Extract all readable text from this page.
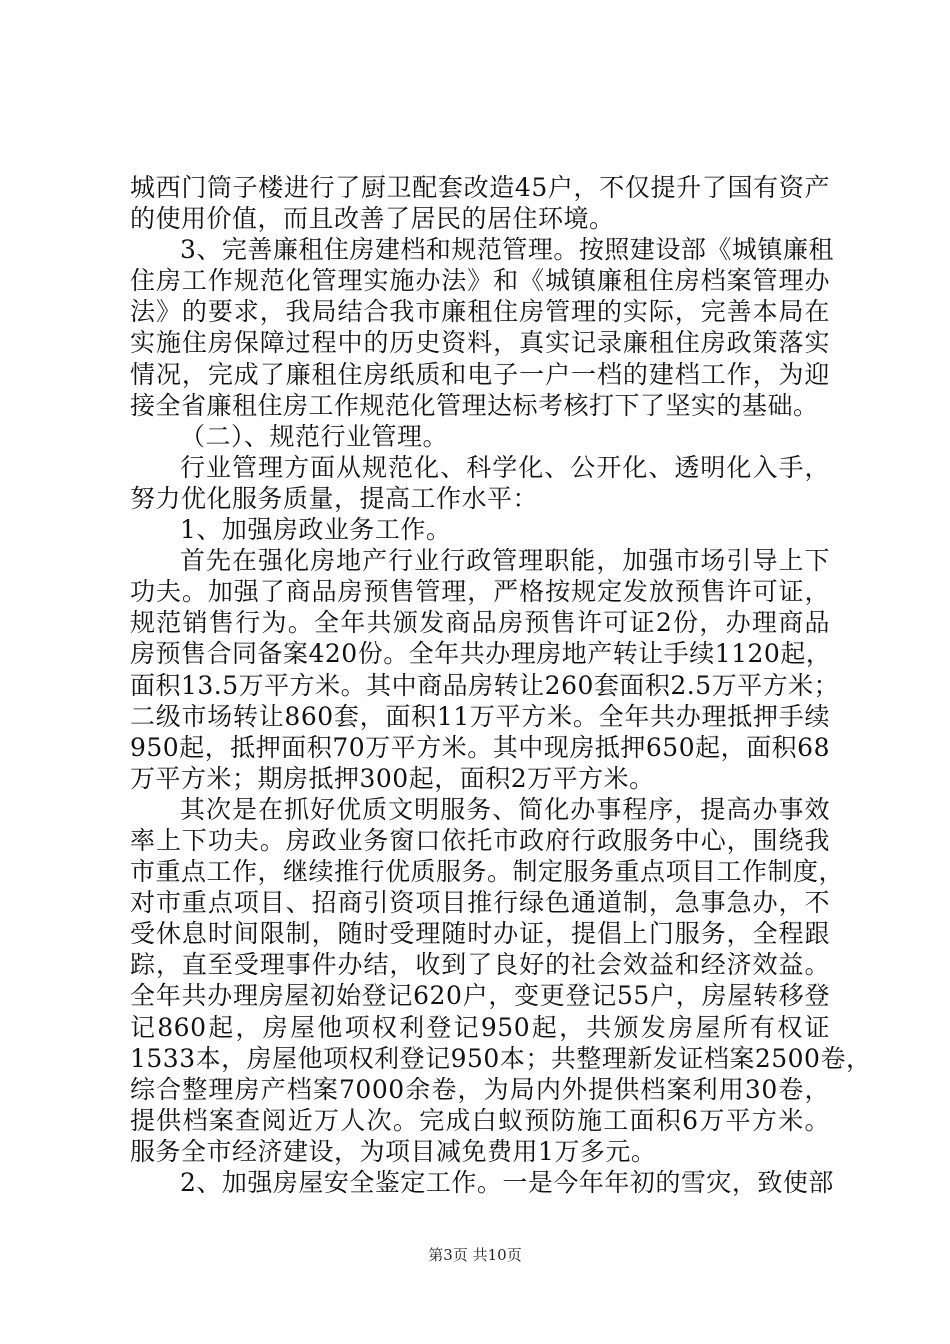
城西门筒子楼进行了厨卫配套改造45户，不仅提升了国有资产
的使用价值，而且改善了居民的居住环境。
3、完善廉租住房建档和规范管理。按照建设部《城镇廉租
住房工作规范化管理实施办法》和《城镇廉租住房档案管理办
法》的要求，我局结合我市廉租住房管理的实际，完善本局在
实施住房保障过程中的历史资料，真实记录廉租住房政策落实
情况，完成了廉租住房纸质和电子一户一档的建档工作，为迎
接全省廉租住房工作规范化管理达标考核打下了坚实的基础。
（二）、规范行业管理。
行业管理方面从规范化、科学化、公开化、透明化入手，
努力优化服务质量，提高工作水平：
1、加强房政业务工作。
首先在强化房地产行业行政管理职能，加强市场引导上下
功夫。加强了商品房预售管理，严格按规定发放预售许可证，
规范销售行为。全年共颁发商品房预售许可证2份，办理商品
房预售合同备案420份。全年共办理房地产转让手续1120起，
面积13.5万平方米。其中商品房转让260套面积2.5万平方米；
二级市场转让860套，面积11万平方米。全年共办理抵押手续
950起，抵押面积70万平方米。其中现房抵押650起，面积68
万平方米；期房抵押300起，面积2万平方米。
其次是在抓好优质文明服务、简化办事程序，提高办事效
率上下功夫。房政业务窗口依托市政府行政服务中心，围绕我
市重点工作，继续推行优质服务。制定服务重点项目工作制度，
对市重点项目、招商引资项目推行绿色通道制，急事急办，不
受休息时间限制，随时受理随时办证，提倡上门服务，全程跟
踪，直至受理事件办结，收到了良好的社会效益和经济效益。
全年共办理房屋初始登记620户，变更登记55户，房屋转移登
记860起，房屋他项权利登记950起，共颁发房屋所有权证
1533本，房屋他项权利登记950本；共整理新发证档案2500卷，
综合整理房产档案7000余卷，为局内外提供档案利用30卷，
提供档案查阅近万人次。完成白蚁预防施工面积6万平方米。
服务全市经济建设，为项目减免费用1万多元。
2、加强房屋安全鉴定工作。一是今年年初的雪灾，致使部
第3页 共10页
